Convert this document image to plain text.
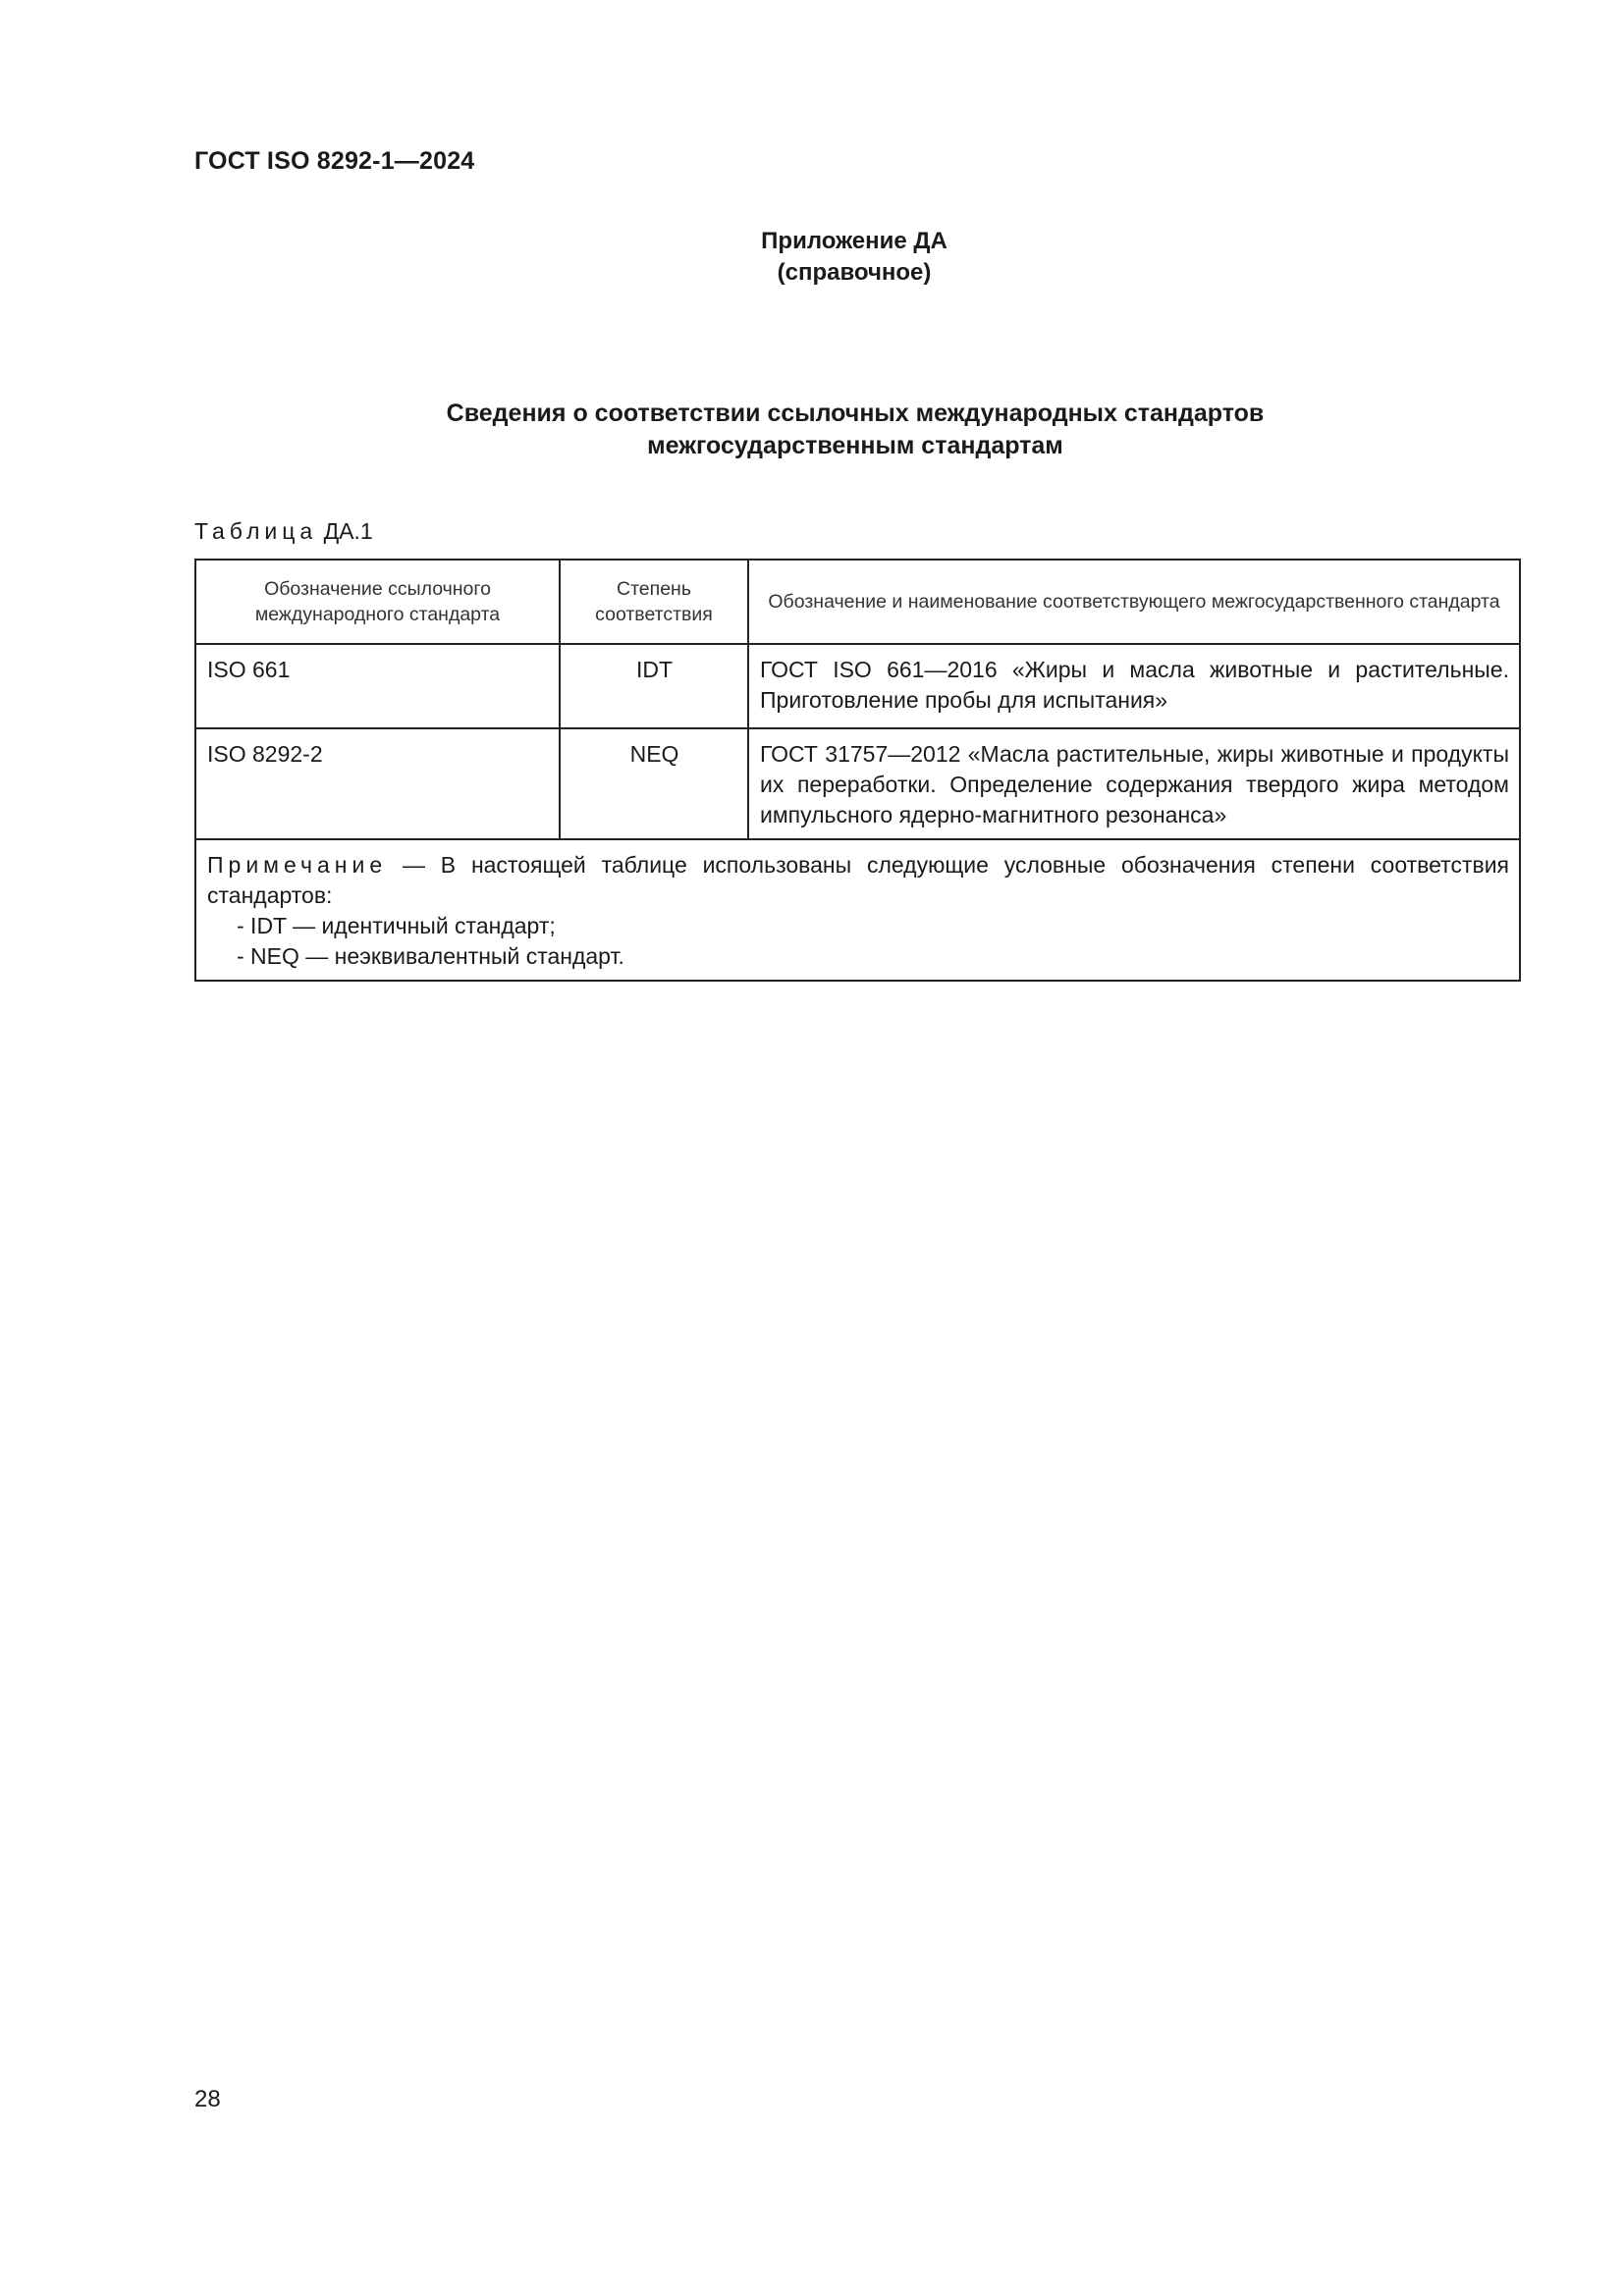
ГОСТ ISO 8292-1—2024
Приложение ДА
(справочное)
Сведения о соответствии ссылочных международных стандартов
межгосударственным стандартам
Таблица ДА.1
Обозначение ссылочного международного стандарта	Степень соответствия	Обозначение и наименование соответствующего межгосударственного стандарта
ISO 661	IDT	ГОСТ ISO 661—2016 «Жиры и масла животные и растительные. Приготовление пробы для испытания»
ISO 8292-2	NEQ	ГОСТ 31757—2012 «Масла растительные, жиры животные и продукты их переработки. Определение содержания твердого жира методом импульсного ядерно-магнитного резонанса»
Примечание — В настоящей таблице использованы следующие условные обозначения степени соответствия стандартов:
- IDT — идентичный стандарт;
- NEQ — неэквивалентный стандарт.		
28
